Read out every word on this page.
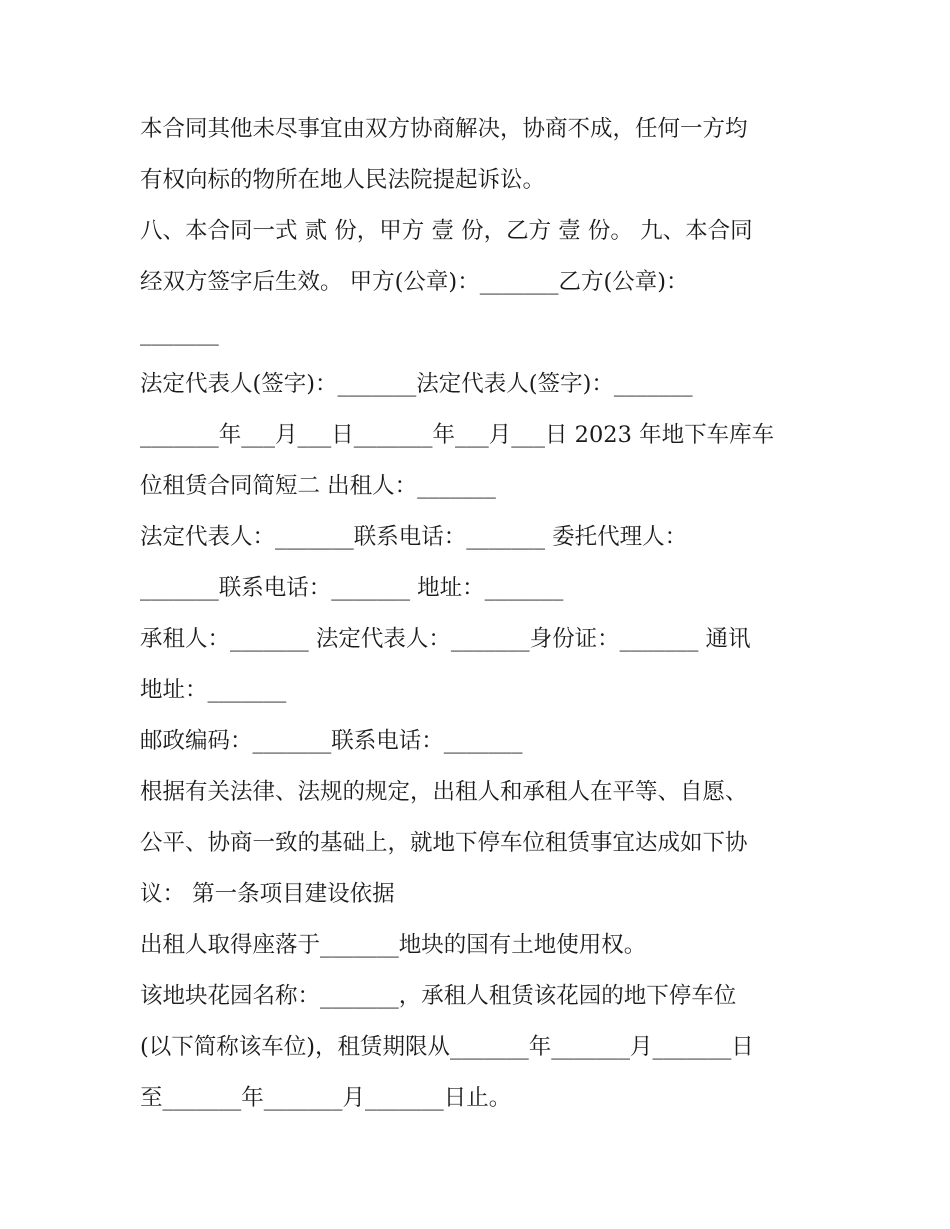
本合同其他未尽事宜由双方协商解决，协商不成，任何一方均
有权向标的物所在地人民法院提起诉讼。
八、本合同一式 贰 份，甲方 壹 份，乙方 壹 份。 九、本合同
经双方签字后生效。 甲方(公章)：_______乙方(公章)：
_______
法定代表人(签字)：_______法定代表人(签字)：_______
_______年___月___日_______年___月___日 2023 年地下车库车
位租赁合同简短二 出租人：_______
法定代表人：_______联系电话：_______ 委托代理人：
_______联系电话：_______ 地址：_______
承租人：_______ 法定代表人：_______身份证：_______ 通讯
地址：_______
邮政编码：_______联系电话：_______
根据有关法律、法规的规定，出租人和承租人在平等、自愿、
公平、协商一致的基础上，就地下停车位租赁事宜达成如下协
议： 第一条项目建设依据
出租人取得座落于_______地块的国有土地使用权。
该地块花园名称：_______，承租人租赁该花园的地下停车位
(以下简称该车位)，租赁期限从_______年_______月_______日
至_______年_______月_______日止。
